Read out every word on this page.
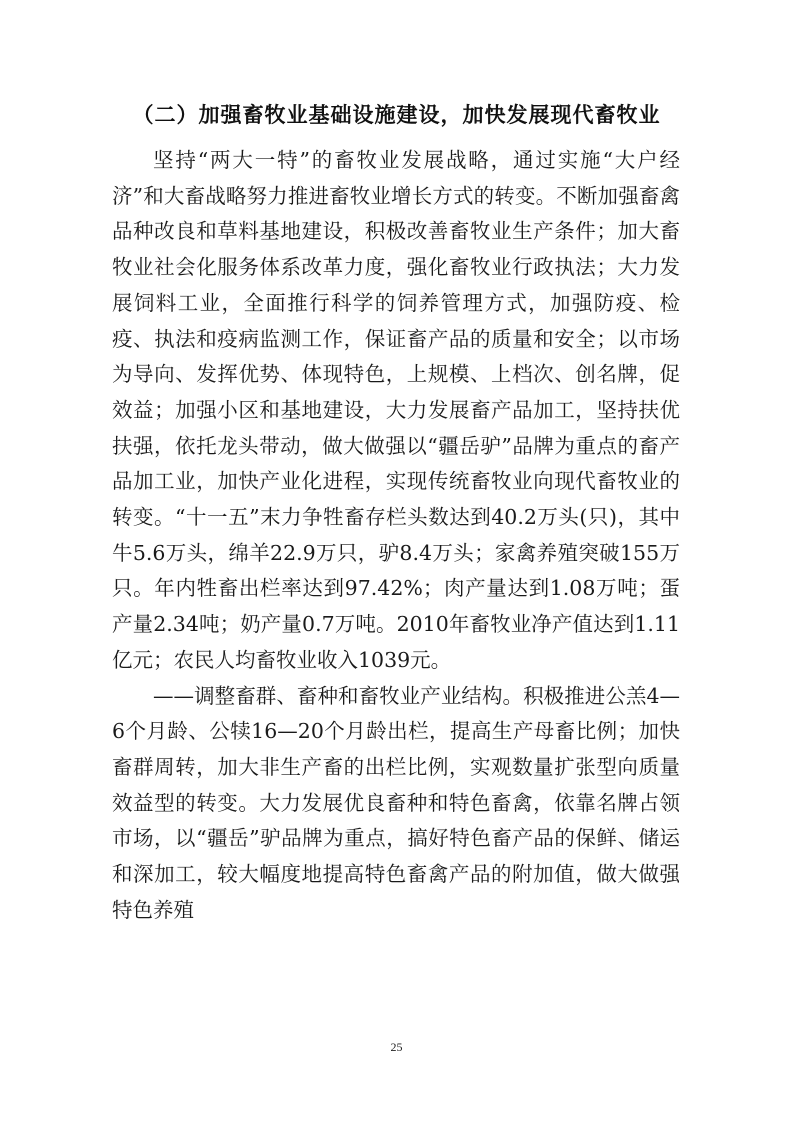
（二）加强畜牧业基础设施建设，加快发展现代畜牧业

坚持“两大一特”的畜牧业发展战略，通过实施“大户经济”和大畜战略努力推进畜牧业增长方式的转变。不断加强畜禽品种改良和草料基地建设，积极改善畜牧业生产条件；加大畜牧业社会化服务体系改革力度，强化畜牧业行政执法；大力发展饲料工业，全面推行科学的饲养管理方式，加强防疫、检疫、执法和疫病监测工作，保证畜产品的质量和安全；以市场为导向、发挥优势、体现特色，上规模、上档次、创名牌，促效益；加强小区和基地建设，大力发展畜产品加工，坚持扶优扶强，依托龙头带动，做大做强以“疆岳驴”品牌为重点的畜产品加工业，加快产业化进程，实现传统畜牧业向现代畜牧业的转变。“十一五”末力争牲畜存栏头数达到40.2万头(只)，其中牛5.6万头，绵羊22.9万只，驴8.4万头；家禽养殖突破155万只。年内牲畜出栏率达到97.42%；肉产量达到1.08万吨；蛋产量2.34吨；奶产量0.7万吨。2010年畜牧业净产值达到1.11亿元；农民人均畜牧业收入1039元。

——调整畜群、畜种和畜牧业产业结构。积极推进公羔4—6个月龄、公犊16—20个月龄出栏，提高生产母畜比例；加快畜群周转，加大非生产畜的出栏比例，实观数量扩张型向质量效益型的转变。大力发展优良畜种和特色畜禽，依靠名牌占领市场，以“疆岳”驴品牌为重点，搞好特色畜产品的保鲜、储运和深加工，较大幅度地提高特色畜禽产品的附加值，做大做强特色养殖

25
